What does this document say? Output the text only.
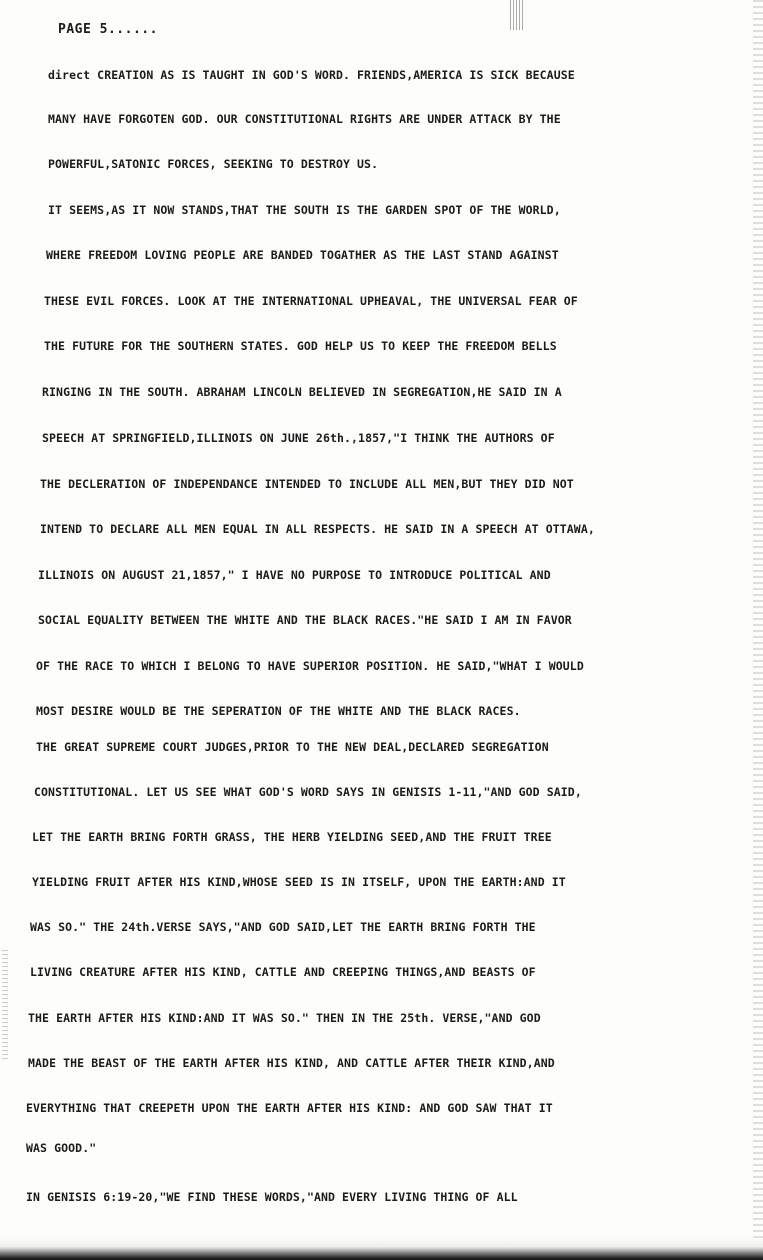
PAGE 5......
direct CREATION AS IS TAUGHT IN GOD'S WORD. FRIENDS,AMERICA IS SICK BECAUSE
MANY HAVE FORGOTEN GOD. OUR CONSTITUTIONAL RIGHTS ARE UNDER ATTACK BY THE
POWERFUL,SATONIC FORCES, SEEKING TO DESTROY US.
IT SEEMS,AS IT NOW STANDS,THAT THE SOUTH IS THE GARDEN SPOT OF THE WORLD,
WHERE FREEDOM LOVING PEOPLE ARE BANDED TOGATHER AS THE LAST STAND AGAINST
THESE EVIL FORCES. LOOK AT THE INTERNATIONAL UPHEAVAL, THE UNIVERSAL FEAR OF
THE FUTURE FOR THE SOUTHERN STATES. GOD HELP US TO KEEP THE FREEDOM BELLS
RINGING IN THE SOUTH. ABRAHAM LINCOLN BELIEVED IN SEGREGATION,HE SAID IN A
SPEECH AT SPRINGFIELD,ILLINOIS ON JUNE 26th.,1857,"I THINK THE AUTHORS OF
THE DECLERATION OF INDEPENDANCE INTENDED TO INCLUDE ALL MEN,BUT THEY DID NOT
INTEND TO DECLARE ALL MEN EQUAL IN ALL RESPECTS. HE SAID IN A SPEECH AT OTTAWA,
ILLINOIS ON AUGUST 21,1857," I HAVE NO PURPOSE TO INTRODUCE POLITICAL AND
SOCIAL EQUALITY BETWEEN THE WHITE AND THE BLACK RACES."HE SAID I AM IN FAVOR
OF THE RACE TO WHICH I BELONG TO HAVE SUPERIOR POSITION. HE SAID,"WHAT I WOULD
MOST DESIRE WOULD BE THE SEPERATION OF THE WHITE AND THE BLACK RACES.
THE GREAT SUPREME COURT JUDGES,PRIOR TO THE NEW DEAL,DECLARED SEGREGATION
CONSTITUTIONAL. LET US SEE WHAT GOD'S WORD SAYS IN GENISIS 1-11,"AND GOD SAID,
LET THE EARTH BRING FORTH GRASS, THE HERB YIELDING SEED,AND THE FRUIT TREE
YIELDING FRUIT AFTER HIS KIND,WHOSE SEED IS IN ITSELF, UPON THE EARTH:AND IT
WAS SO." THE 24th.VERSE SAYS,"AND GOD SAID,LET THE EARTH BRING FORTH THE
LIVING CREATURE AFTER HIS KIND, CATTLE AND CREEPING THINGS,AND BEASTS OF
THE EARTH AFTER HIS KIND:AND IT WAS SO." THEN IN THE 25th. VERSE,"AND GOD
MADE THE BEAST OF THE EARTH AFTER HIS KIND, AND CATTLE AFTER THEIR KIND,AND
EVERYTHING THAT CREEPETH UPON THE EARTH AFTER HIS KIND: AND GOD SAW THAT IT
WAS GOOD."
IN GENISIS 6:19-20,"WE FIND THESE WORDS,"AND EVERY LIVING THING OF ALL
